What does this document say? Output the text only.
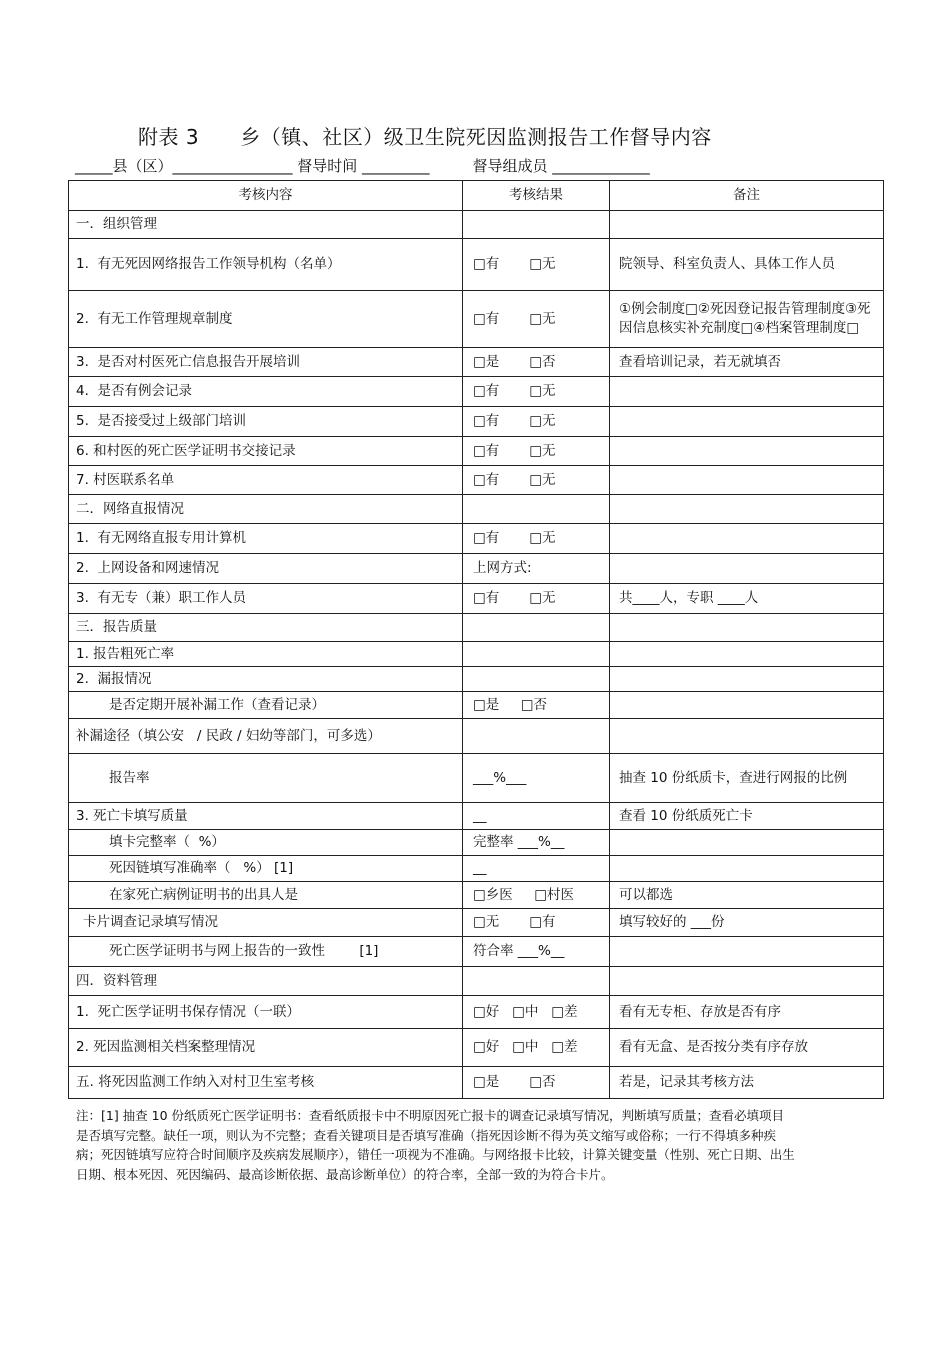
附表 3      乡（镇、社区）级卫生院死因监测报告工作督导内容
_____县（区）________________ 督导时间 _________         督导组成员 _____________
考核内容	考核结果	备注
一．组织管理		
1.  有无死因网络报告工作领导机构（名单）	□有       □无	院领导、科室负责人、具体工作人员
2.  有无工作管理规章制度	□有       □无	①例会制度□②死因登记报告管理制度③死因信息核实补充制度□④档案管理制度□
3.  是否对村医死亡信息报告开展培训	□是       □否	查看培训记录，若无就填否
4.  是否有例会记录	□有       □无	
5.  是否接受过上级部门培训	□有       □无	
6. 和村医的死亡医学证明书交接记录	□有       □无	
7. 村医联系名单	□有       □无	
二．网络直报情况		
1.  有无网络直报专用计算机	□有       □无	
2.  上网设备和网速情况	上网方式:	
3.  有无专（兼）职工作人员	□有       □无	共____人，专职 ____人
三．报告质量		
1. 报告粗死亡率		
2.  漏报情况		
是否定期开展补漏工作（查看记录）	□是     □否	
补漏途径（填公安   / 民政 / 妇幼等部门，可多选）		
报告率	___%___	抽查 10 份纸质卡，查进行网报的比例
3. 死亡卡填写质量	__	查看 10 份纸质死亡卡
填卡完整率（  %）	完整率 ___%__	
死因链填写准确率（   %） [1]	__	
在家死亡病例证明书的出具人是	□乡医     □村医	可以都选
卡片调查记录填写情况	□无       □有	填写较好的 ___份
死亡医学证明书与网上报告的一致性        [1]	符合率 ___%__	
四．资料管理		
1.  死亡医学证明书保存情况（一联）	□好   □中   □差	看有无专柜、存放是否有序
2. 死因监测相关档案整理情况	□好   □中   □差	看有无盒、是否按分类有序存放
五. 将死因监测工作纳入对村卫生室考核	□是       □否	若是，记录其考核方法
注：[1] 抽查 10 份纸质死亡医学证明书：查看纸质报卡中不明原因死亡报卡的调查记录填写情况，判断填写质量；查看必填项目是否填写完整。缺任一项，则认为不完整；查看关键项目是否填写准确（指死因诊断不得为英文缩写或俗称；一行不得填多种疾病；死因链填写应符合时间顺序及疾病发展顺序），错任一项视为不准确。与网络报卡比较，计算关键变量（性别、死亡日期、出生日期、根本死因、死因编码、最高诊断依据、最高诊断单位）的符合率，全部一致的为符合卡片。
